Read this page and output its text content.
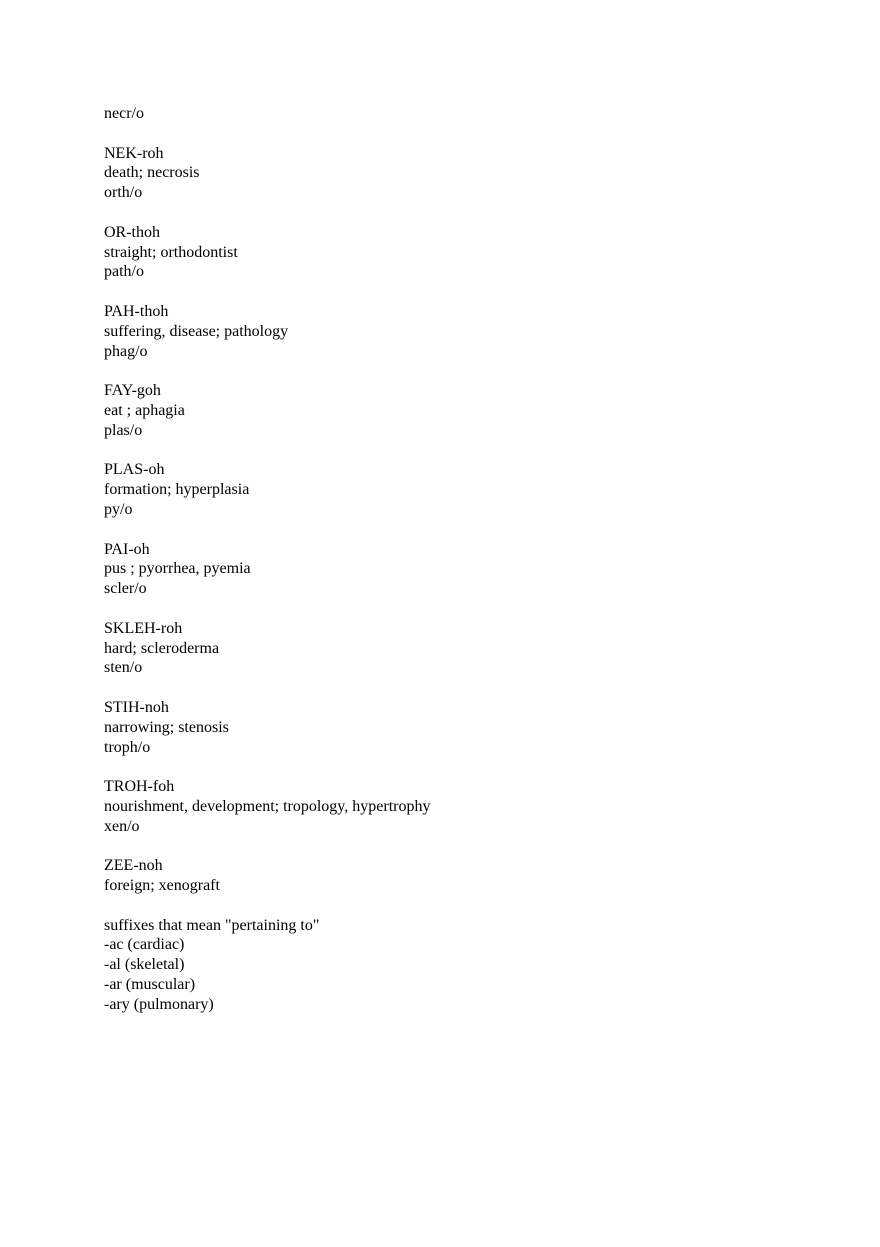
necr/o
NEK-roh
death; necrosis
orth/o
OR-thoh
straight; orthodontist
path/o
PAH-thoh
suffering, disease; pathology
phag/o
FAY-goh
eat ; aphagia
plas/o
PLAS-oh
formation; hyperplasia
py/o
PAI-oh
pus ; pyorrhea, pyemia
scler/o
SKLEH-roh
hard; scleroderma
sten/o
STIH-noh
narrowing; stenosis
troph/o
TROH-foh
nourishment, development; tropology, hypertrophy
xen/o
ZEE-noh
foreign; xenograft
suffixes that mean "pertaining to"
-ac (cardiac)
-al (skeletal)
-ar (muscular)
-ary (pulmonary)
